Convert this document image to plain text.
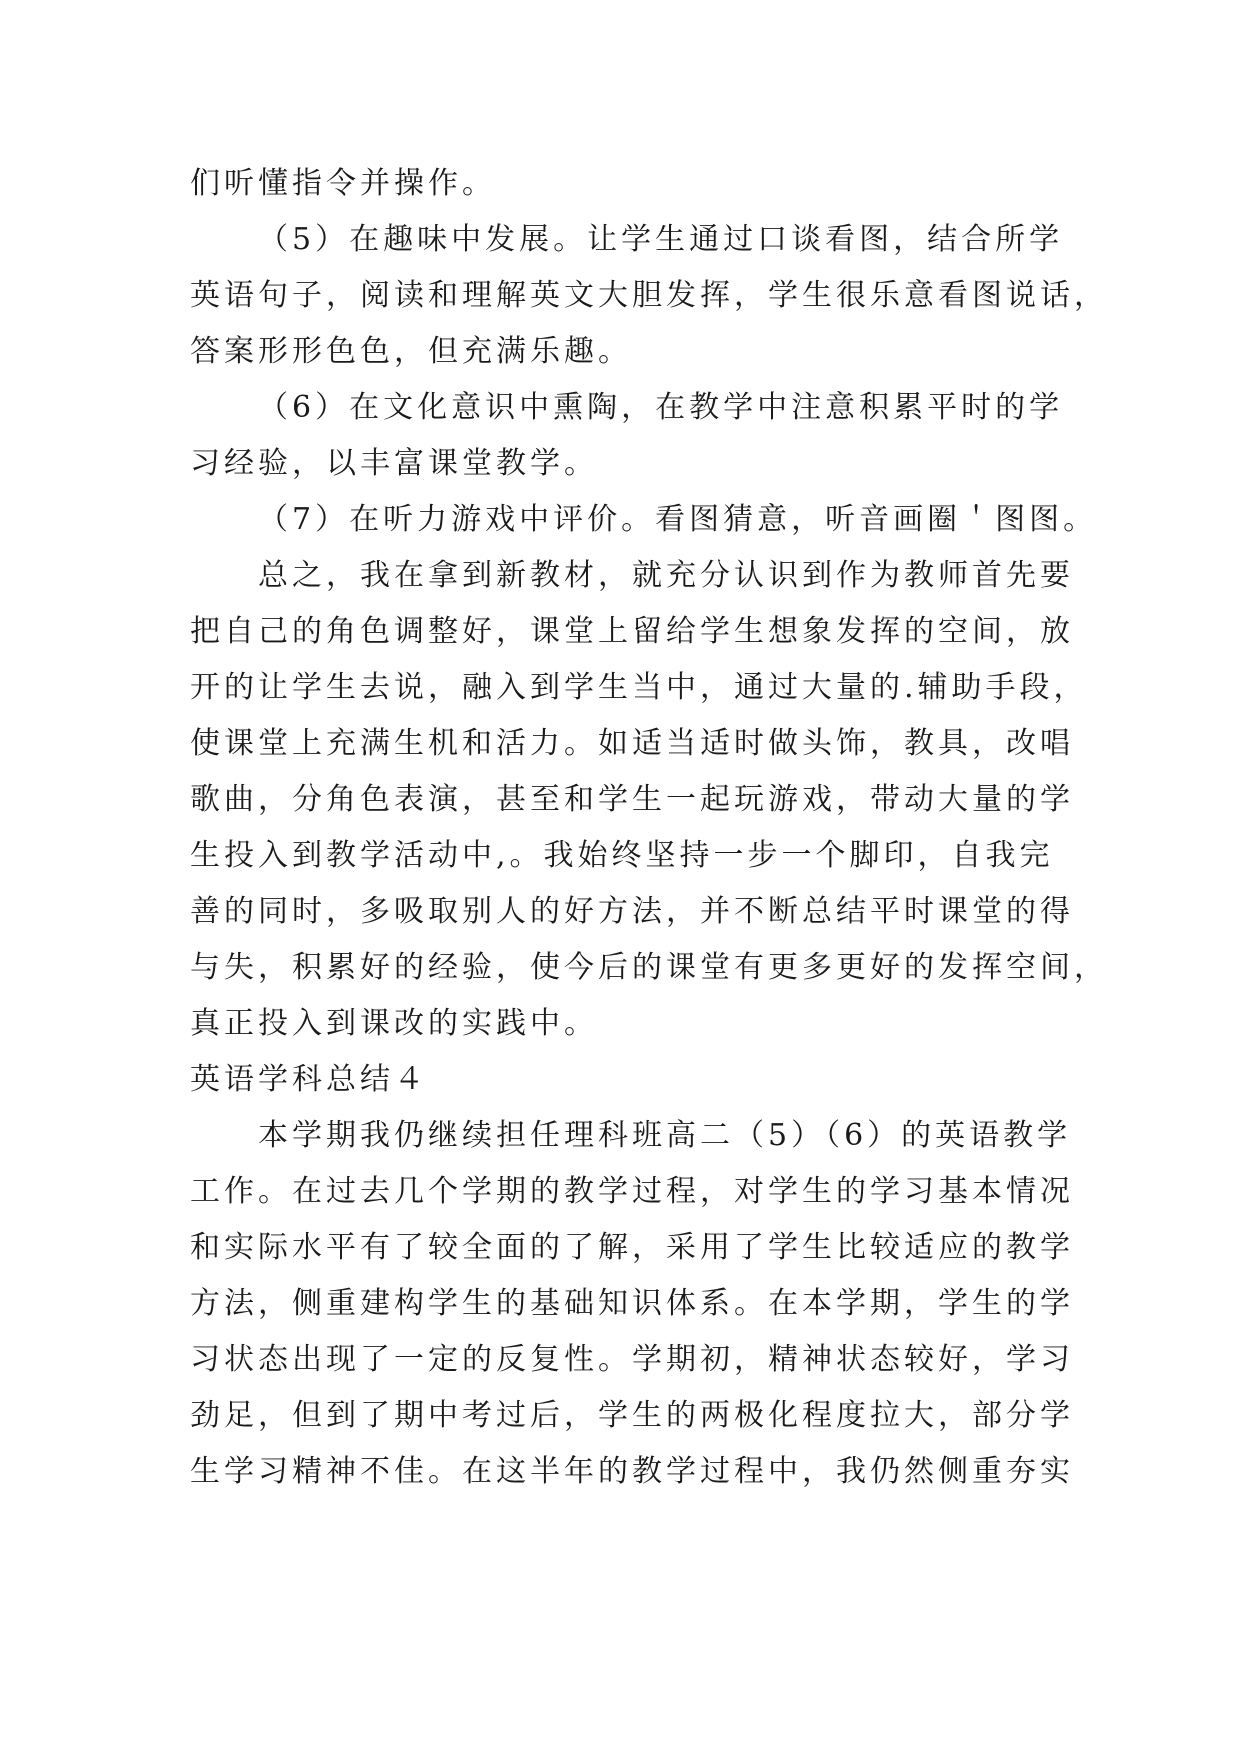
们听懂指令并操作。
（5）在趣味中发展。让学生通过口谈看图，结合所学
英语句子，阅读和理解英文大胆发挥，学生很乐意看图说话，
答案形形色色，但充满乐趣。
（6）在文化意识中熏陶，在教学中注意积累平时的学
习经验，以丰富课堂教学。
（7）在听力游戏中评价。看图猜意，听音画圈＇图图。
总之，我在拿到新教材，就充分认识到作为教师首先要
把自己的角色调整好，课堂上留给学生想象发挥的空间，放
开的让学生去说，融入到学生当中，通过大量的.辅助手段，
使课堂上充满生机和活力。如适当适时做头饰，教具，改唱
歌曲，分角色表演，甚至和学生一起玩游戏，带动大量的学
生投入到教学活动中,。我始终坚持一步一个脚印，自我完
善的同时，多吸取别人的好方法，并不断总结平时课堂的得
与失，积累好的经验，使今后的课堂有更多更好的发挥空间，
真正投入到课改的实践中。
英语学科总结４
本学期我仍继续担任理科班高二（5）（6）的英语教学
工作。在过去几个学期的教学过程，对学生的学习基本情况
和实际水平有了较全面的了解，采用了学生比较适应的教学
方法，侧重建构学生的基础知识体系。在本学期，学生的学
习状态出现了一定的反复性。学期初，精神状态较好，学习
劲足，但到了期中考过后，学生的两极化程度拉大，部分学
生学习精神不佳。在这半年的教学过程中，我仍然侧重夯实
